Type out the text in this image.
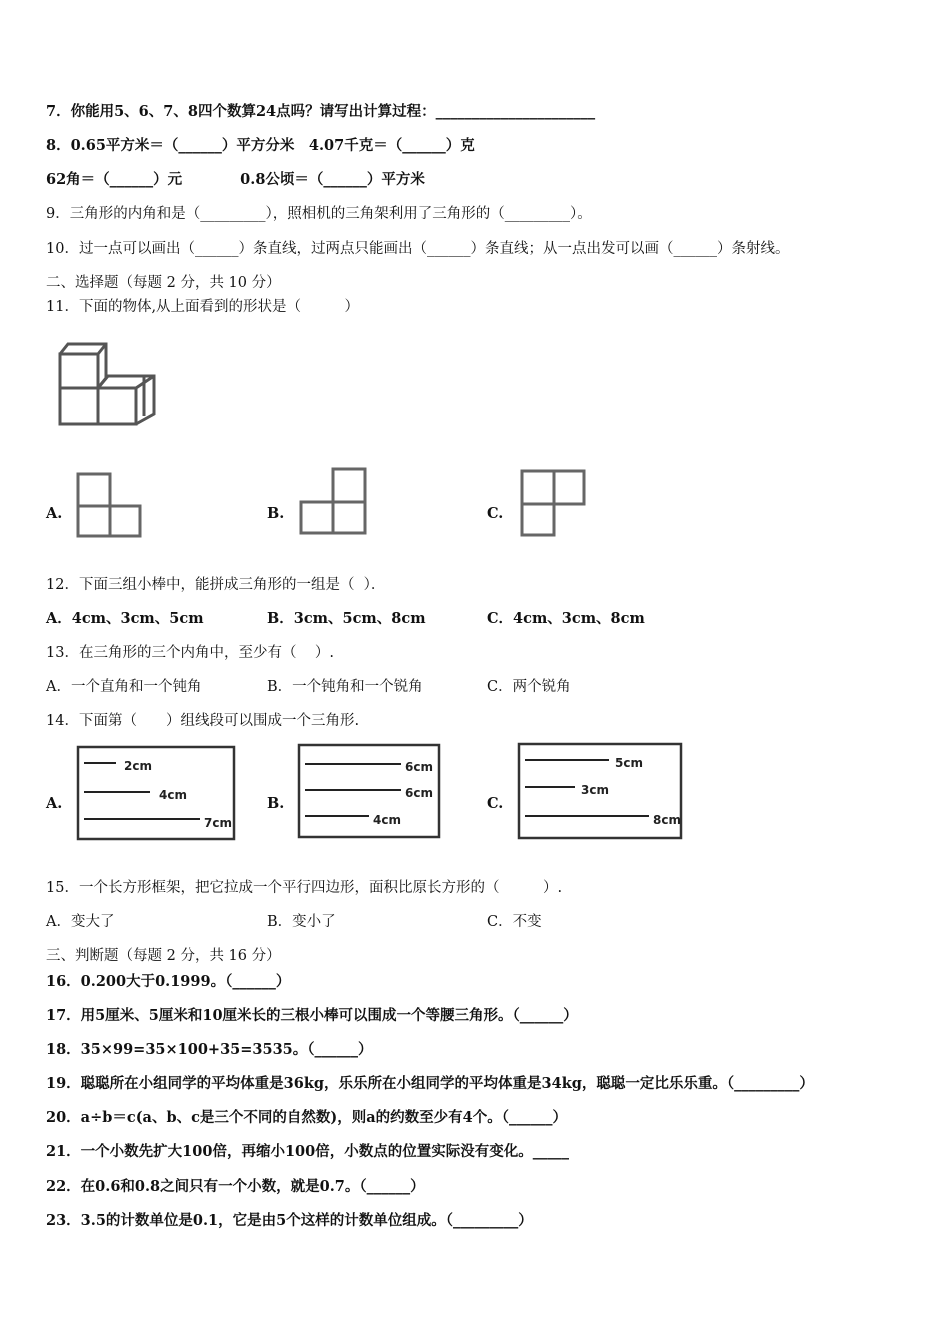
7．你能用5、6、7、8四个数算24点吗？请写出计算过程：______________________
8．0.65平方米＝（______）平方分米　4.07千克＝（______）克
62角＝（______）元　　　　0.8公顷＝（______）平方米
9．三角形的内角和是（_________），照相机的三角架利用了三角形的（_________）。
10．过一点可以画出（______）条直线，过两点只能画出（______）条直线；从一点出发可以画（______）条射线。
二、选择题（每题 2 分，共 10 分）
11．下面的物体,从上面看到的形状是（　　　）
A.	B.	C.
12．下面三组小棒中，能拼成三角形的一组是（  ）．
A．4cm、3cm、5cm	B．3cm、5cm、8cm	C．4cm、3cm、8cm
13．在三角形的三个内角中，至少有（    ）.
A．一个直角和一个钝角	B．一个钝角和一个锐角	C．两个锐角
14．下面第（　　）组线段可以围成一个三角形.
A.
2cm
4cm
7cm
B.
6cm
6cm
4cm
C.
5cm
3cm
8cm
15．一个长方形框架，把它拉成一个平行四边形，面积比原长方形的（　　　）.
A．变大了	B．变小了	C．不变
三、判断题（每题 2 分，共 16 分）
16．0.200大于0.1999。（______）
17．用5厘米、5厘米和10厘米长的三根小棒可以围成一个等腰三角形。（______）
18．35×99=35×100+35=3535。（______）
19．聪聪所在小组同学的平均体重是36kg，乐乐所在小组同学的平均体重是34kg，聪聪一定比乐乐重。（_________）
20．a÷b＝c(a、b、c是三个不同的自然数)，则a的约数至少有4个。（______）
21．一个小数先扩大100倍，再缩小100倍，小数点的位置实际没有变化。_____
22．在0.6和0.8之间只有一个小数，就是0.7。（______）
23．3.5的计数单位是0.1，它是由5个这样的计数单位组成。（_________）
